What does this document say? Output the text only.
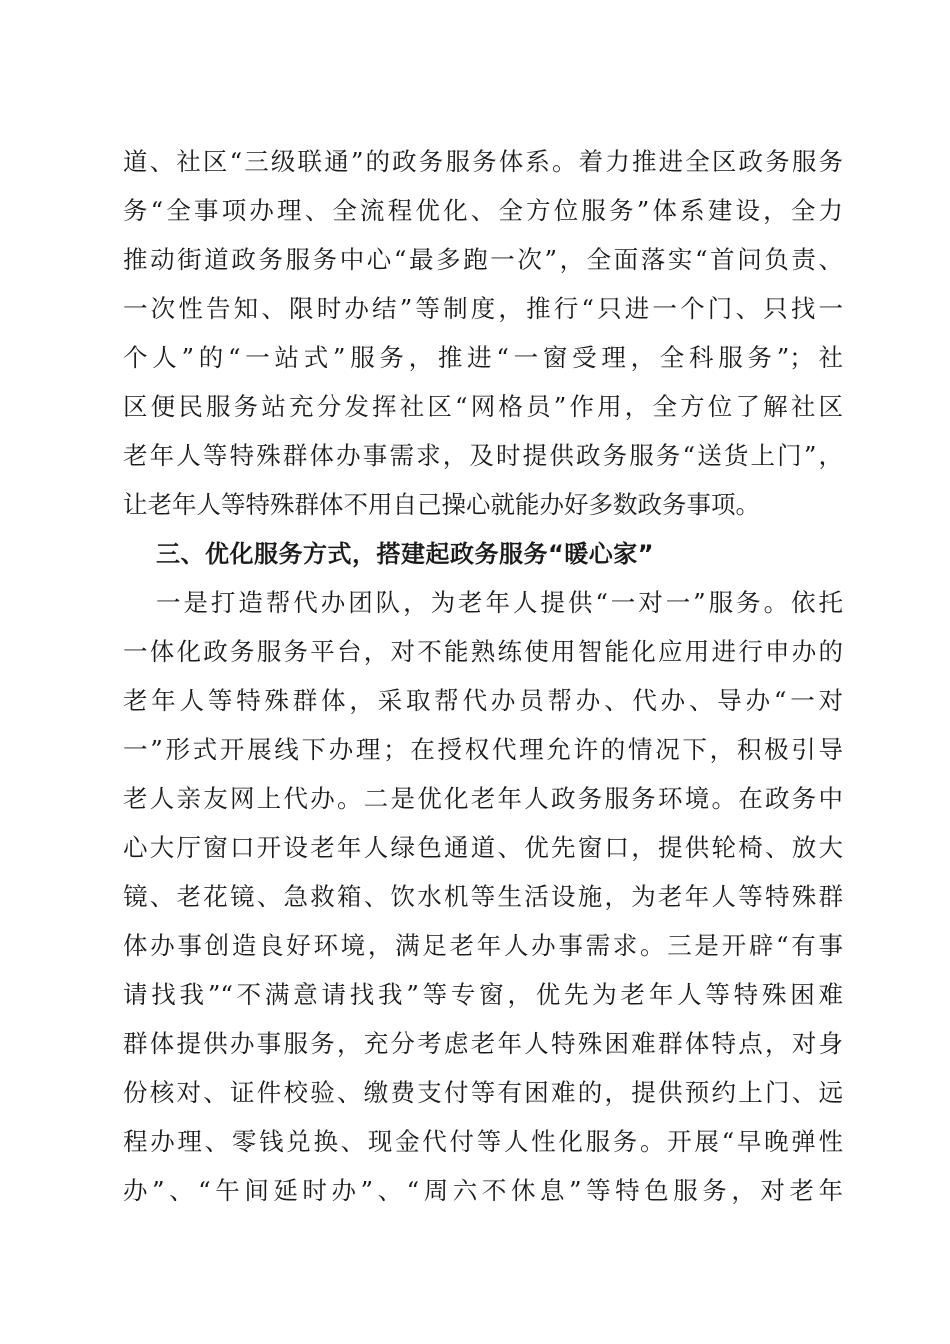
道、社区“三级联通”的政务服务体系。着力推进全区政务服务
务“全事项办理、全流程优化、全方位服务”体系建设，全力
推动街道政务服务中心“最多跑一次”，全面落实“首问负责、
一次性告知、限时办结”等制度，推行“只进一个门、只找一
个人”的“一站式”服务，推进“一窗受理，全科服务”；社
区便民服务站充分发挥社区“网格员”作用，全方位了解社区
老年人等特殊群体办事需求，及时提供政务服务“送货上门”，
让老年人等特殊群体不用自己操心就能办好多数政务事项。
三、优化服务方式，搭建起政务服务“暖心家”
一是打造帮代办团队，为老年人提供“一对一”服务。依托
一体化政务服务平台，对不能熟练使用智能化应用进行申办的
老年人等特殊群体，采取帮代办员帮办、代办、导办“一对
一”形式开展线下办理；在授权代理允许的情况下，积极引导
老人亲友网上代办。二是优化老年人政务服务环境。在政务中
心大厅窗口开设老年人绿色通道、优先窗口，提供轮椅、放大
镜、老花镜、急救箱、饮水机等生活设施，为老年人等特殊群
体办事创造良好环境，满足老年人办事需求。三是开辟“有事
请找我”“不满意请找我”等专窗，优先为老年人等特殊困难
群体提供办事服务，充分考虑老年人特殊困难群体特点，对身
份核对、证件校验、缴费支付等有困难的，提供预约上门、远
程办理、零钱兑换、现金代付等人性化服务。开展“早晚弹性
办”、“午间延时办”、“周六不休息”等特色服务，对老年
